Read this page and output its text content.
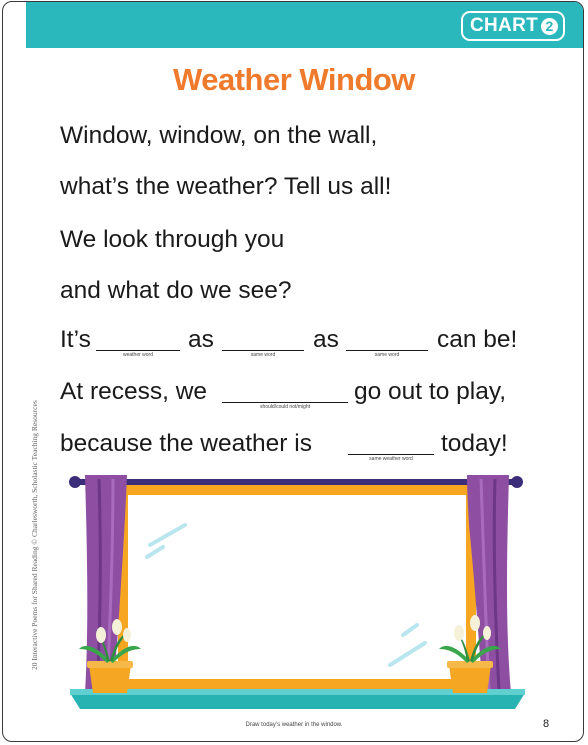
CHART 2
20 Interactive Poems for Shared Reading © Charlesworth, Scholastic Teaching Resources
Weather Window
Window, window, on the wall,
what’s the weather? Tell us all!
We look through you
and what do we see?
It’s
weather word
as
same word
as
same word
can be!
At recess, we
should/could not/might
go out to play,
because the weather is
same weather word
today!
Draw today’s weather in the window.	8
